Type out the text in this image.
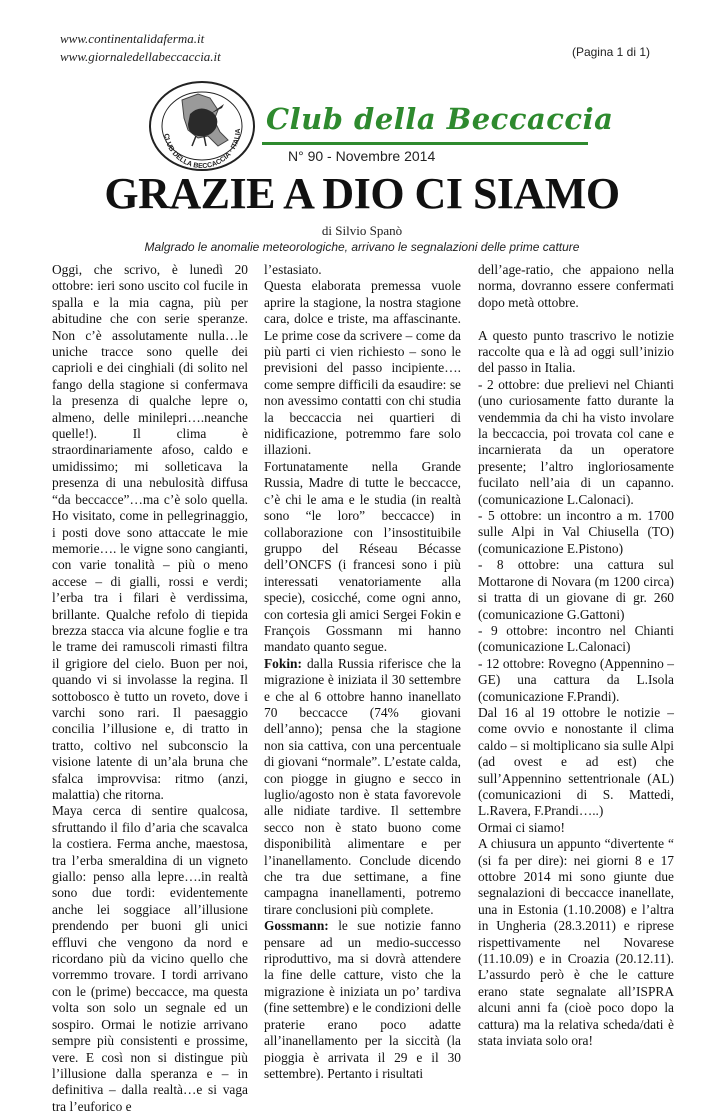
www.continentalidaferma.it
www.giornaledellabeccaccia.it	(Pagina 1 di 1)
CLUB DELLA BECCACCIA · ITALIA Club della Beccaccia
N° 90 - Novembre 2014
GRAZIE A DIO CI SIAMO
di Silvio Spanò
Malgrado le anomalie meteorologiche, arrivano le segnalazioni delle prime catture

Oggi, che scrivo, è lunedì 20 ottobre: ieri sono uscito col fucile in spalla e la mia cagna, più per abitudine che con serie speranze. Non c’è assolutamente nulla…le uniche tracce sono quelle dei caprioli e dei cinghiali (di solito nel fango della stagione si confermava la presenza di qualche lepre o, almeno, delle minilepri….neanche quelle!). Il clima è straordinariamente afoso, caldo e umidissimo; mi solleticava la presenza di una nebulosità diffusa “da beccacce”…ma c’è solo quella. Ho visitato, come in pellegrinaggio, i posti dove sono attaccate le mie memorie…. le vigne sono cangianti, con varie tonalità – più o meno accese – di gialli, rossi e verdi; l’erba tra i filari è verdissima, brillante. Qualche refolo di tiepida brezza stacca via alcune foglie e tra le trame dei ramuscoli rimasti filtra il grigiore del cielo. Buon per noi, quando vi si involasse la regina. Il sottobosco è tutto un roveto, dove i varchi sono rari. Il paesaggio concilia l’illusione e, di tratto in tratto, coltivo nel subconscio la visione latente di un’ala bruna che sfalca improvvisa: ritmo (anzi, malattia) che ritorna.

Maya cerca di sentire qualcosa, sfruttando il filo d’aria che scavalca la costiera. Ferma anche, maestosa, tra l’erba smeraldina di un vigneto giallo: penso alla lepre….in realtà sono due tordi: evidentemente anche lei soggiace all’illusione prendendo per buoni gli unici effluvi che vengono da nord e ricordano più da vicino quello che vorremmo trovare. I tordi arrivano con le (prime) beccacce, ma questa volta son solo un segnale ed un sospiro. Ormai le notizie arrivano sempre più consistenti e prossime, vere. E così non si distingue più l’illusione dalla speranza e – in definitiva – dalla realtà…e si vaga tra l’euforico e

l’estasiato.

Questa elaborata premessa vuole aprire la stagione, la nostra stagione cara, dolce e triste, ma affascinante. Le prime cose da scrivere – come da più parti ci vien richiesto – sono le previsioni del passo incipiente…. come sempre difficili da esaudire: se non avessimo contatti con chi studia la beccaccia nei quartieri di nidificazione, potremmo fare solo illazioni.

Fortunatamente nella Grande Russia, Madre di tutte le beccacce, c’è chi le ama e le studia (in realtà sono “le loro” beccacce) in collaborazione con l’insostituibile gruppo del Réseau Bécasse dell’ONCFS (i francesi sono i più interessati venatoriamente alla specie), cosicché, come ogni anno, con cortesia gli amici Sergei Fokin e François Gossmann mi hanno mandato quanto segue.

Fokin: dalla Russia riferisce che la migrazione è iniziata il 30 settembre e che al 6 ottobre hanno inanellato 70 beccacce (74% giovani dell’anno); pensa che la stagione non sia cattiva, con una percentuale di giovani “normale”. L’estate calda, con piogge in giugno e secco in luglio/agosto non è stata favorevole alle nidiate tardive. Il settembre secco non è stato buono come disponibilità alimentare e per l’inanellamento. Conclude dicendo che tra due settimane, a fine campagna inanellamenti, potremo tirare conclusioni più complete.

Gossmann: le sue notizie fanno pensare ad un medio-successo riproduttivo, ma si dovrà attendere la fine delle catture, visto che la migrazione è iniziata un po’ tardiva (fine settembre) e le condizioni delle praterie erano poco adatte all’inanellamento per la siccità (la pioggia è arrivata il 29 e il 30 settembre). Pertanto i risultati

dell’age-ratio, che appaiono nella norma, dovranno essere confermati dopo metà ottobre.

A questo punto trascrivo le notizie raccolte qua e là ad oggi sull’inizio del passo in Italia.

- 2 ottobre: due prelievi nel Chianti (uno curiosamente fatto durante la vendemmia da chi ha visto involare la beccaccia, poi trovata col cane e incarnierata da un operatore presente; l’altro ingloriosamente fucilato nell’aia di un capanno. (comunicazione L.Calonaci).

- 5 ottobre: un incontro a m. 1700 sulle Alpi in Val Chiusella (TO) (comunicazione E.Pistono)

- 8 ottobre: una cattura sul Mottarone di Novara (m 1200 circa) si tratta di un giovane di gr. 260 (comunicazione G.Gattoni)

- 9 ottobre: incontro nel Chianti (comunicazione L.Calonaci)

- 12 ottobre: Rovegno (Appennino – GE) una cattura da L.Isola (comunicazione F.Prandi).

Dal 16 al 19 ottobre le notizie – come ovvio e nonostante il clima caldo – si moltiplicano sia sulle Alpi (ad ovest e ad est) che sull’Appennino settentrionale (AL) (comunicazioni di S. Mattedi, L.Ravera, F.Prandi…..)

Ormai ci siamo!

A chiusura un appunto “divertente “ (si fa per dire): nei giorni 8 e 17 ottobre 2014 mi sono giunte due segnalazioni di beccacce inanellate, una in Estonia (1.10.2008) e l’altra in Ungheria (28.3.2011) e riprese rispettivamente nel Novarese (11.10.09) e in Croazia (20.12.11). L’assurdo però è che le catture erano state segnalate all’ISPRA alcuni anni fa (cioè poco dopo la cattura) ma la relativa scheda/dati è stata inviata solo ora!
